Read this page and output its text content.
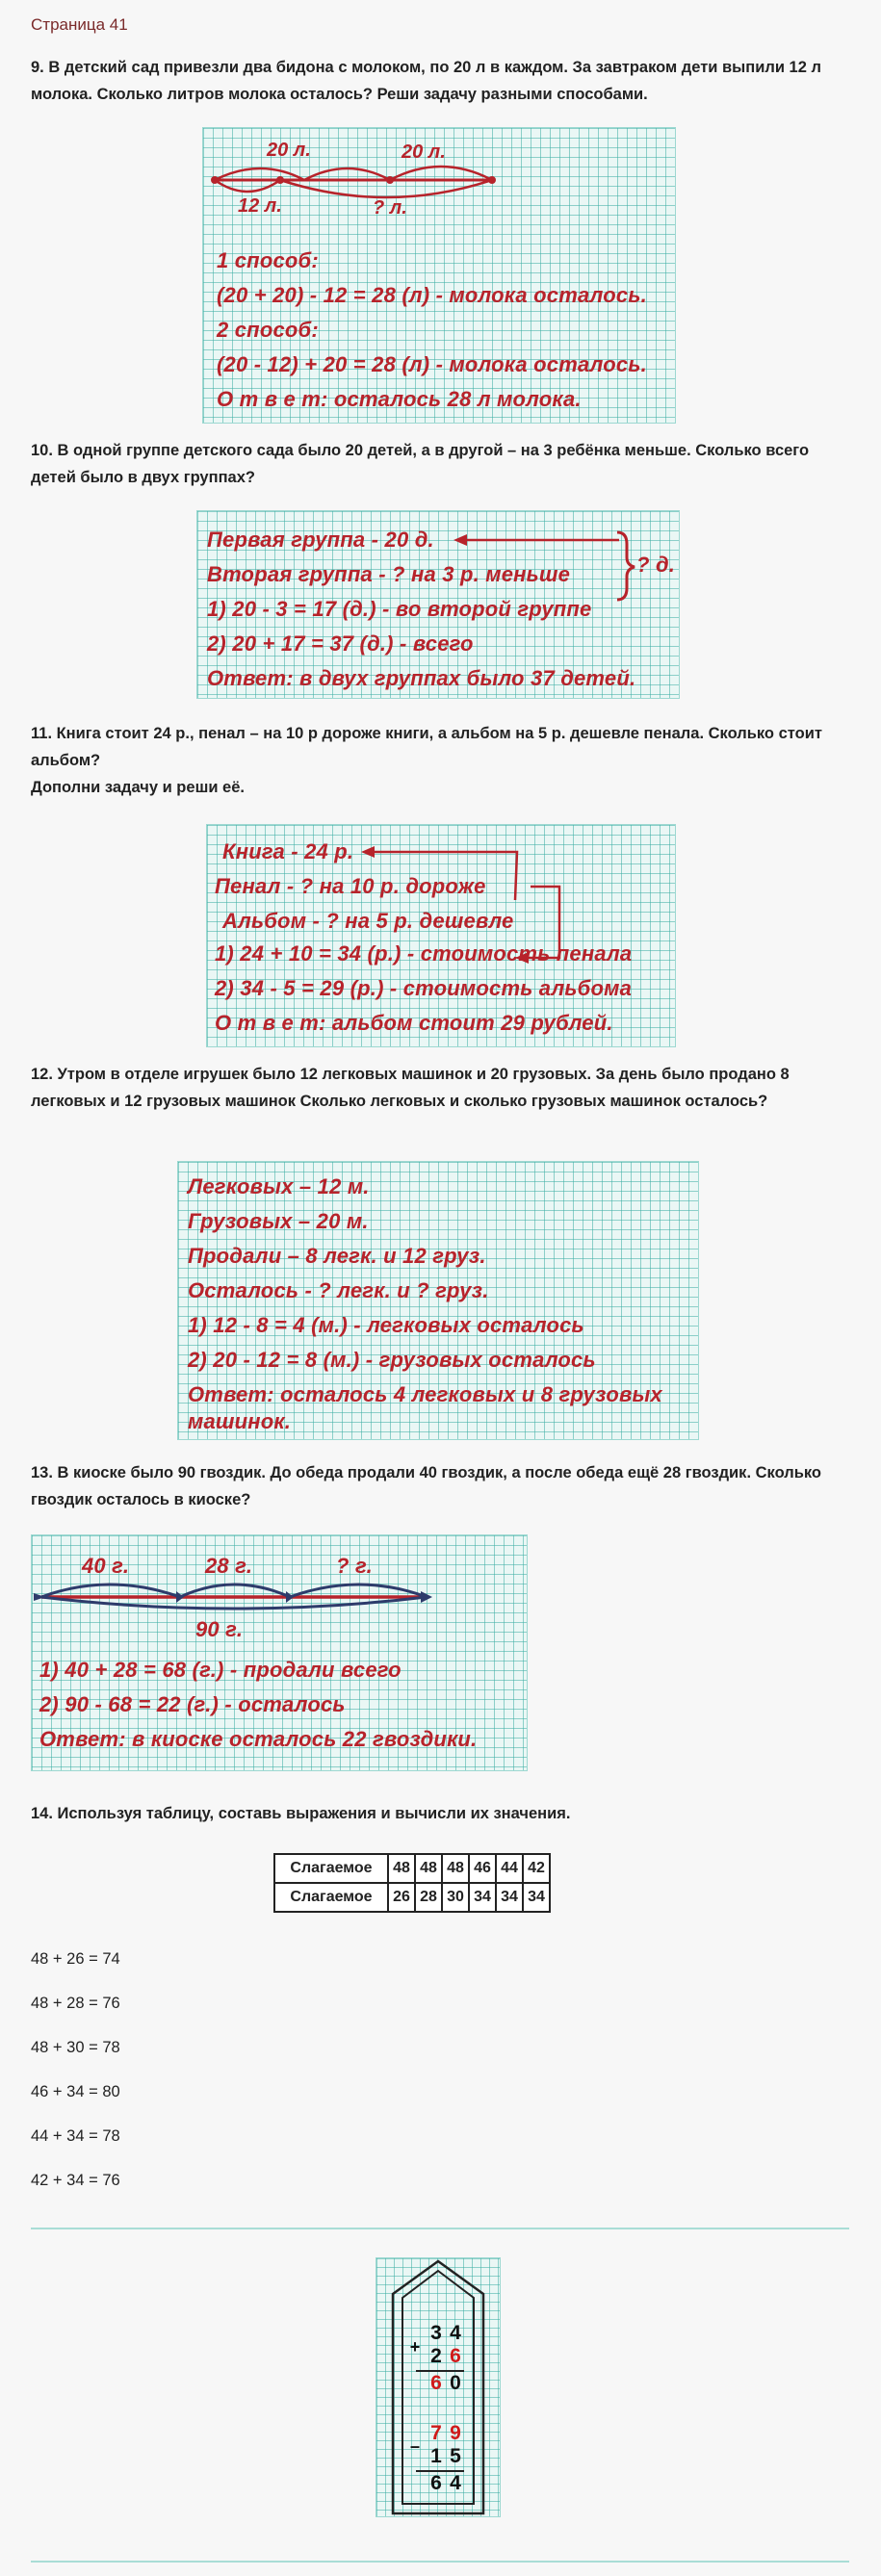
Страница 41
9. В детский сад привезли два бидона с молоком, по 20 л в каждом. За завтраком дети выпили 12 л молока. Сколько литров молока осталось? Реши задачу разными способами.
20 л.	20 л.
12 л.	? л.
1 способ:
(20 + 20) - 12 = 28 (л) - молока осталось.
2 способ:
(20 - 12) + 20 = 28 (л) - молока осталось.
О т в е т: осталось 28 л молока.
10. В одной группе детского сада было 20 детей, а в другой – на 3 ребёнка меньше. Сколько всего детей было в двух группах?
Первая группа - 20 д.
Вторая группа - ? на 3 р. меньше	? д.
1) 20 - 3 = 17 (д.) - во второй группе
2) 20 + 17 = 37 (д.) - всего
Ответ: в двух группах было 37 детей.
11. Книга стоит 24 р., пенал – на 10 р дороже книги, а альбом на 5 р. дешевле пенала. Сколько стоит альбом?
Дополни задачу и реши её.
Книга - 24 р.
Пенал - ? на 10 р. дороже
Альбом - ? на 5 р. дешевле
1) 24 + 10 = 34 (р.) - стоимость пенала
2) 34 - 5 = 29 (р.) - стоимость альбома
О т в е т: альбом стоит 29 рублей.
12. Утром в отделе игрушек было 12 легковых машинок и 20 грузовых. За день было продано 8 легковых и 12 грузовых машинок Сколько легковых и сколько грузовых машинок осталось?
Легковых – 12 м.
Грузовых – 20 м.
Продали – 8 легк. и 12 груз.
Осталось - ? легк. и ? груз.
1) 12 - 8 = 4 (м.) - легковых осталось
2) 20 - 12 = 8 (м.) - грузовых осталось
Ответ: осталось 4 легковых и 8 грузовых
машинок.
13. В киоске было 90 гвоздик. До обеда продали 40 гвоздик, а после обеда ещё 28 гвоздик. Сколько гвоздик осталось в киоске?
40 г.	28 г.	? г.
90 г.
1) 40 + 28 = 68 (г.) - продали всего
2) 90 - 68 = 22 (г.) - осталось
Ответ: в киоске осталось 22 гвоздики.
14. Используя таблицу, составь выражения и вычисли их значения.
Слагаемое	48	48	48	46	44	42
Слагаемое	26	28	30	34	34	34
48 + 26 = 74
48 + 28 = 76
48 + 30 = 78
46 + 34 = 80
44 + 34 = 78
42 + 34 = 76
+
3 4
2 6
6 0
–
7 9
1 5
6 4
